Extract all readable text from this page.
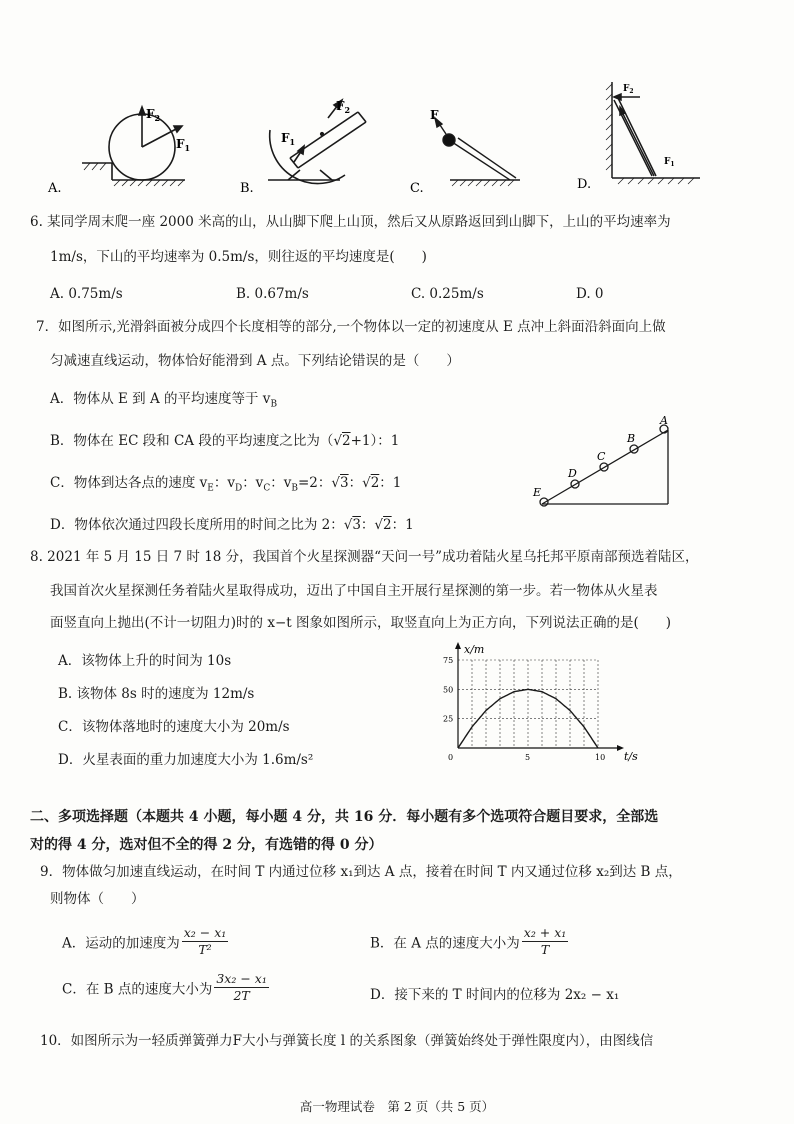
$F_2$
$F_1$
A.
$F_2$
$F_1$
B.
F
C.
$F_2$
$F_1$
D.
6. 某同学周末爬一座 2000 米高的山，从山脚下爬上山顶，然后又从原路返回到山脚下，上山的平均速率为
1m/s，下山的平均速率为 0.5m/s，则往返的平均速度是(　　)
A. 0.75m/s	B. 0.67m/s	C. 0.25m/s	D. 0
7．如图所示,光滑斜面被分成四个长度相等的部分,一个物体以一定的初速度从 E 点冲上斜面沿斜面向上做
匀减速直线运动，物体恰好能滑到 A 点。下列结论错误的是（　　）
A．物体从 E 到 A 的平均速度等于 $v_B$
B．物体在 EC 段和 CA 段的平均速度之比为（√2+1）：1
C．物体到达各点的速度 $v_E$：$v_D$：$v_C$：$v_B=2$：√3：√2：1
D．物体依次通过四段长度所用的时间之比为 2：√3：√2：1
A
B
C
D
E
8. 2021 年 5 月 15 日 7 时 18 分，我国首个火星探测器“天问一号”成功着陆火星乌托邦平原南部预选着陆区，
我国首次火星探测任务着陆火星取得成功，迈出了中国自主开展行星探测的第一步。若一物体从火星表
面竖直向上抛出(不计一切阻力)时的 x−t 图象如图所示，取竖直向上为正方向，下列说法正确的是(　　)
A．该物体上升的时间为 10s
B. 该物体 8s 时的速度为 12m/s
C．该物体落地时的速度大小为 20m/s
D．火星表面的重力加速度大小为 1.6m/s²	0	5	10
25
50
75
x/m
t/s
二、多项选择题（本题共 4 小题，每小题 4 分，共 16 分．每小题有多个选项符合题目要求，全部选
对的得 4 分，选对但不全的得 2 分，有选错的得 0 分）
9．物体做匀加速直线运动，在时间 T 内通过位移 x₁到达 A 点，接着在时间 T 内又通过位移 x₂到达 B 点，
则物体（　　）
A．运动的加速度为 $\frac{\text{x₂ − x₁}}{\text{T²}}$	B．在 A 点的速度大小为 $\frac{\text{x₂ + x₁}}{T}$
C．在 B 点的速度大小为 $\frac{\text{3x₂ − x₁}}{2T}$	D．接下来的 T 时间内的位移为 2x₂ − x₁
10．如图所示为一轻质弹簧弹力F大小与弹簧长度 l 的关系图象（弹簧始终处于弹性限度内），由图线信
高一物理试卷　第 2 页（共 5 页）
